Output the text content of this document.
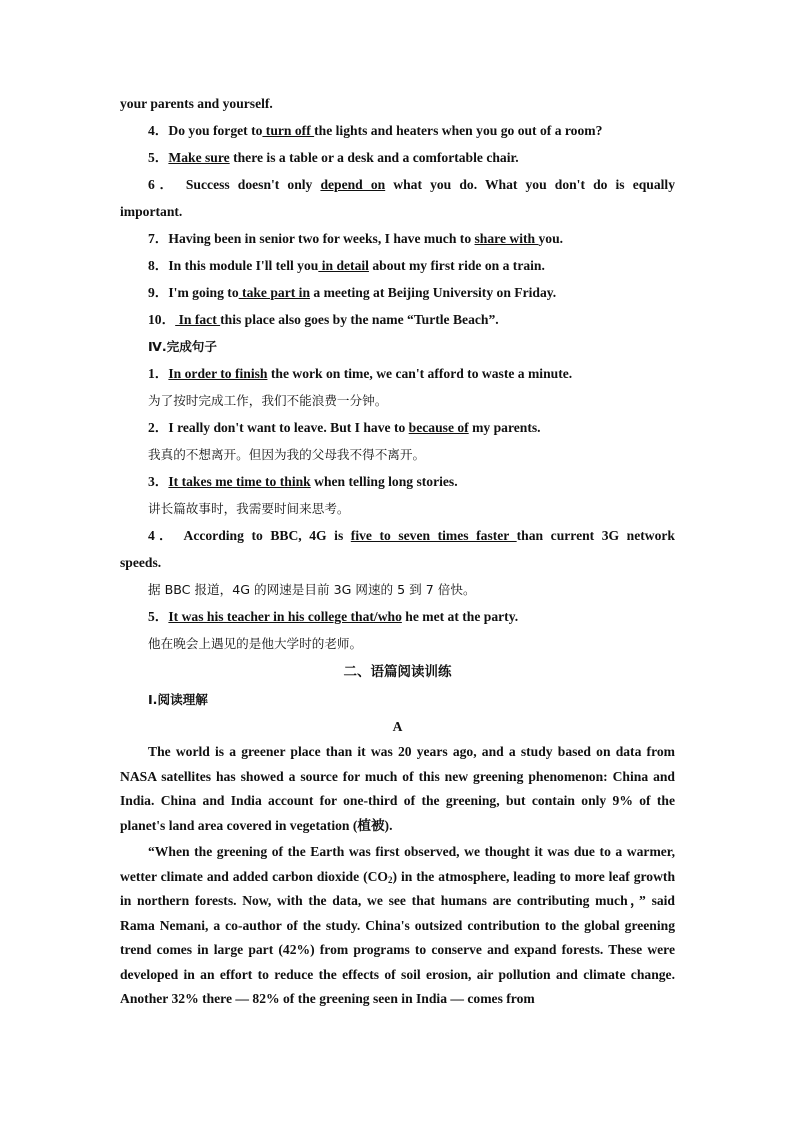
your parents and yourself.
4．Do you forget to turn off the lights and heaters when you go out of a room?
5．Make sure there is a table or a desk and a comfortable chair.
6． Success doesn't only depend on what you do. What you don't do is equally
important.
7．Having been in senior two for weeks, I have much to share with you.
8．In this module I'll tell you in detail about my first ride on a train.
9．I'm going to take part in a meeting at Beijing University on Friday.
10． In fact this place also goes by the name “Turtle Beach”.
Ⅳ.完成句子
1．In order to finish the work on time, we can't afford to waste a minute.
为了按时完成工作，我们不能浪费一分钟。
2．I really don't want to leave. But I have to because of my parents.
我真的不想离开。但因为我的父母我不得不离开。
3．It takes me time to think when telling long stories.
讲长篇故事时，我需要时间来思考。
4． According to BBC, 4G is five to seven times faster than current 3G network
speeds.
据 BBC 报道，4G 的网速是目前 3G 网速的 5 到 7 倍快。
5．It was his teacher in his college that/who he met at the party.
他在晚会上遇见的是他大学时的老师。
二、语篇阅读训练
Ⅰ.阅读理解
A
The world is a greener place than it was 20 years ago, and a study based on data from NASA satellites has showed a source for much of this new greening phenomenon: China and India. China and India account for one-third of the greening, but contain only 9% of the planet's land area covered in vegetation (植被).
“When the greening of the Earth was first observed, we thought it was due to a warmer, wetter climate and added carbon dioxide $(CO_2)$ in the atmosphere, leading to more leaf growth in northern forests. Now, with the data, we see that humans are contributing much，” said Rama Nemani, a co-author of the study. China's outsized contribution to the global greening trend comes in large part (42%) from programs to conserve and expand forests. These were developed in an effort to reduce the effects of soil erosion, air pollution and climate change. Another 32% there — 82% of the greening seen in India — comes from
